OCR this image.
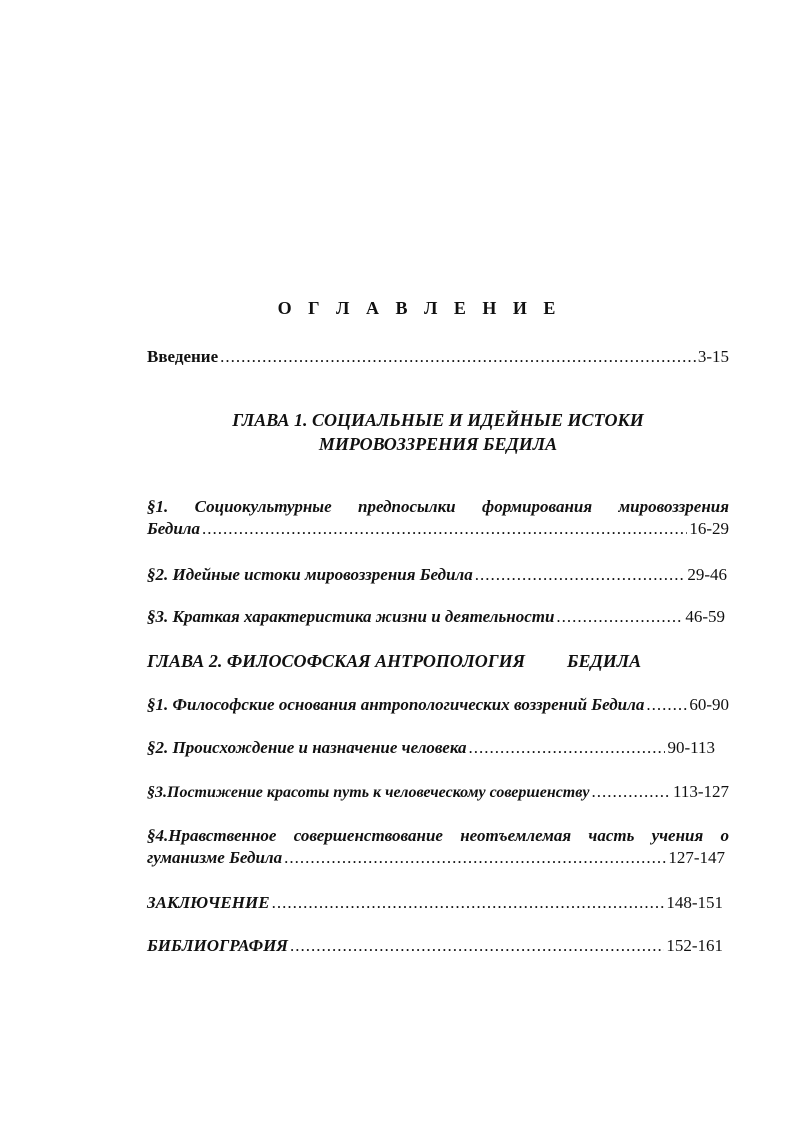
О Г Л А В Л Е Н И Е
Введение .....	3-15
ГЛАВА 1. СОЦИАЛЬНЫЕ И ИДЕЙНЫЕ ИСТОКИ
МИРОВОЗЗРЕНИЯ БЕДИЛА
§1. Социокультурные предпосылки формирования мировоззрения
Бедила .....	16-29
§2. Идейные истоки мировоззрения Бедила .....	29-46
§3. Краткая характеристика жизни и деятельности .....	46-59
ГЛАВА 2. ФИЛОСОФСКАЯ АНТРОПОЛОГИЯ БЕДИЛА
§1. Философские основания антропологических воззрений Бедила .....	60-90
§2. Происхождение и назначение человека .....	90-113
§3.Постижение красоты путь к человеческому совершенству .....	113-127
§4.Нравственное совершенствование неотъемлемая часть учения о
гуманизме Бедила .....	127-147
ЗАКЛЮЧЕНИЕ .....	148-151
БИБЛИОГРАФИЯ .....	152-161
